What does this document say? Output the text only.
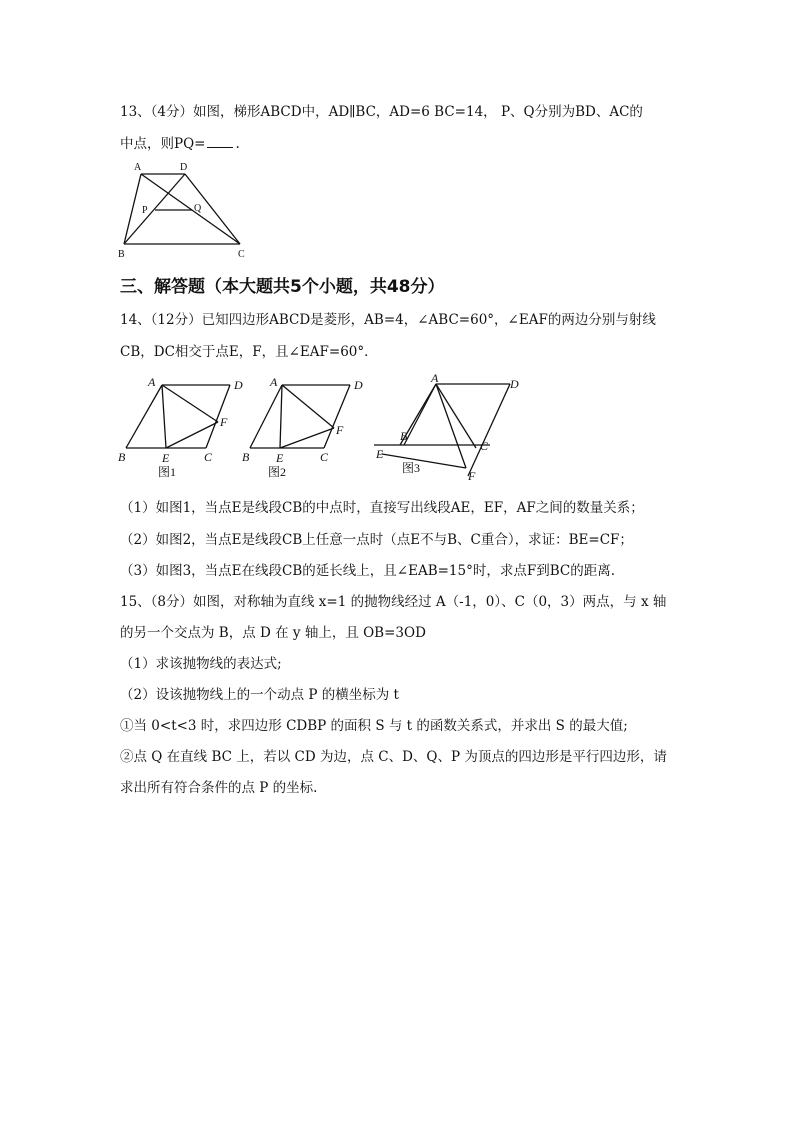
13、（4分）如图，梯形ABCD中，AD∥BC，AD=6 BC=14， P、Q分别为BD、AC的
中点，则PQ= .
A	D
B	C
P	Q
三、解答题（本大题共5个小题，共48分）
14、（12分）已知四边形ABCD是菱形，AB=4，∠ABC=60°，∠EAF的两边分别与射线
CB，DC相交于点E，F，且∠EAF=60°．
A	D
B	E	C
F
图1
A	D
B E	C
F
图2
A	D
B
E
C
F
图3
（1）如图1，当点E是线段CB的中点时，直接写出线段AE，EF，AF之间的数量关系；
（2）如图2，当点E是线段CB上任意一点时（点E不与B、C重合），求证：BE=CF；
（3）如图3，当点E在线段CB的延长线上，且∠EAB=15°时，求点F到BC的距离.
15、（8分）如图，对称轴为直线 x=1 的抛物线经过 A（-1，0）、C（0，3）两点，与 x 轴
的另一个交点为 B，点 D 在 y 轴上，且 OB=3OD
（1）求该抛物线的表达式;
（2）设该抛物线上的一个动点 P 的横坐标为 t
①当 0<t<3 时，求四边形 CDBP 的面积 S 与 t 的函数关系式，并求出 S 的最大值;
②点 Q 在直线 BC 上，若以 CD 为边，点 C、D、Q、P 为顶点的四边形是平行四边形，请
求出所有符合条件的点 P 的坐标.
